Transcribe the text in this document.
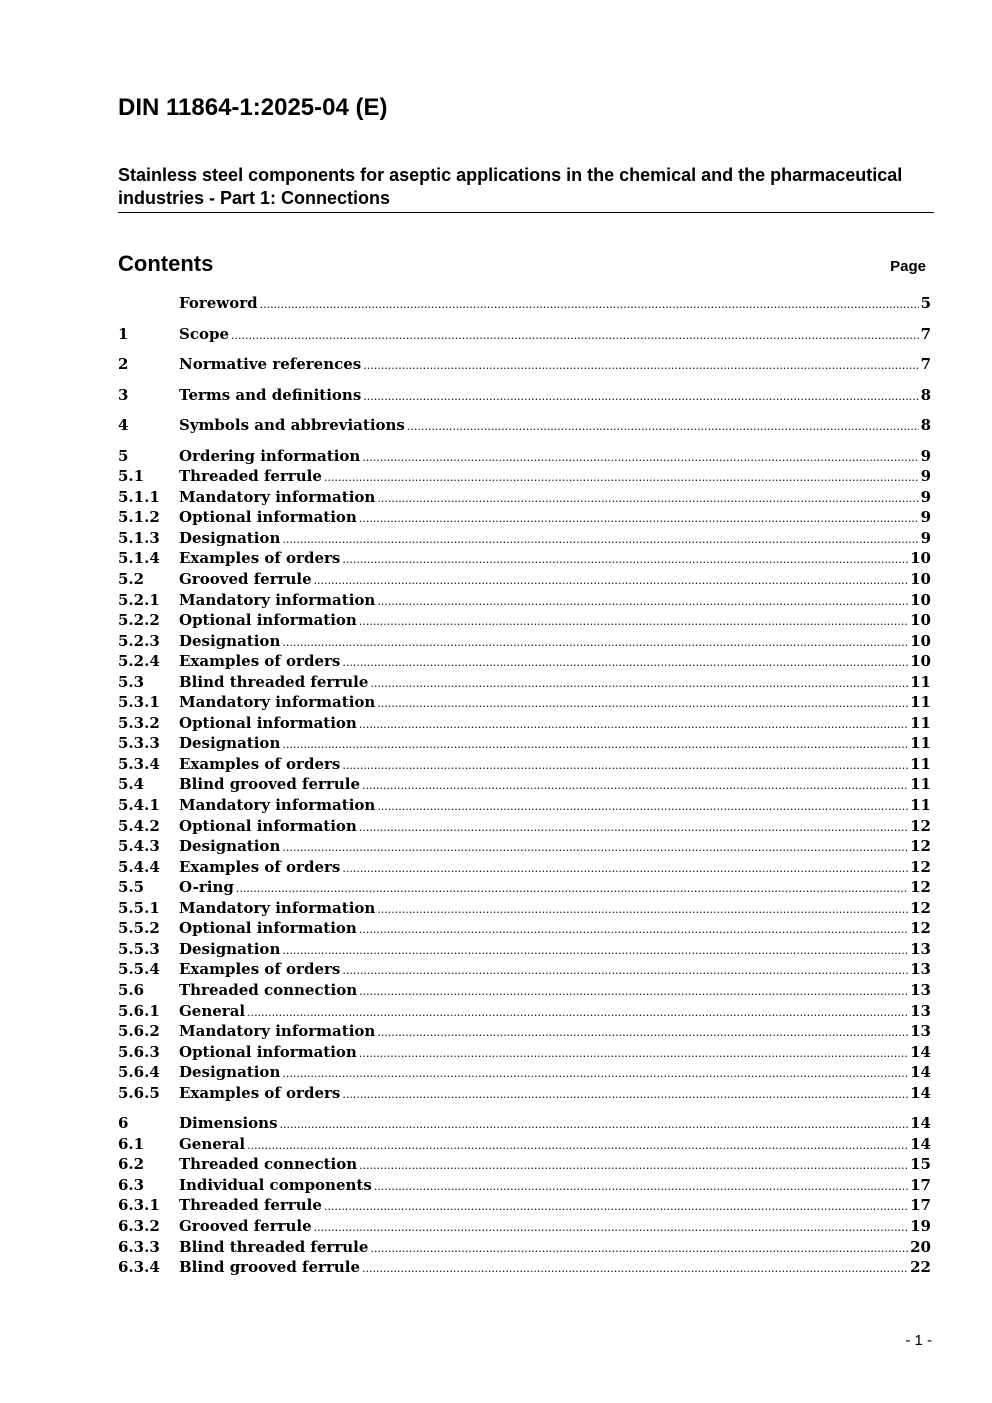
DIN 11864-1:2025-04 (E)
Stainless steel components for aseptic applications in the chemical and the pharmaceutical industries - Part 1: Connections
Contents	Page
Foreword .....	5
1	Scope .....	7
2	Normative references .....	7
3	Terms and definitions .....	8
4	Symbols and abbreviations .....	8
5	Ordering information .....	9
5.1	Threaded ferrule .....	9
5.1.1	Mandatory information .....	9
5.1.2	Optional information .....	9
5.1.3	Designation .....	9
5.1.4	Examples of orders .....	10
5.2	Grooved ferrule .....	10
5.2.1	Mandatory information .....	10
5.2.2	Optional information .....	10
5.2.3	Designation .....	10
5.2.4	Examples of orders .....	10
5.3	Blind threaded ferrule .....	11
5.3.1	Mandatory information .....	11
5.3.2	Optional information .....	11
5.3.3	Designation .....	11
5.3.4	Examples of orders .....	11
5.4	Blind grooved ferrule .....	11
5.4.1	Mandatory information .....	11
5.4.2	Optional information .....	12
5.4.3	Designation .....	12
5.4.4	Examples of orders .....	12
5.5	O-ring .....	12
5.5.1	Mandatory information .....	12
5.5.2	Optional information .....	12
5.5.3	Designation .....	13
5.5.4	Examples of orders .....	13
5.6	Threaded connection .....	13
5.6.1	General .....	13
5.6.2	Mandatory information .....	13
5.6.3	Optional information .....	14
5.6.4	Designation .....	14
5.6.5	Examples of orders .....	14
6	Dimensions .....	14
6.1	General .....	14
6.2	Threaded connection .....	15
6.3	Individual components .....	17
6.3.1	Threaded ferrule .....	17
6.3.2	Grooved ferrule .....	19
6.3.3	Blind threaded ferrule .....	20
6.3.4	Blind grooved ferrule .....	22
- 1 -
